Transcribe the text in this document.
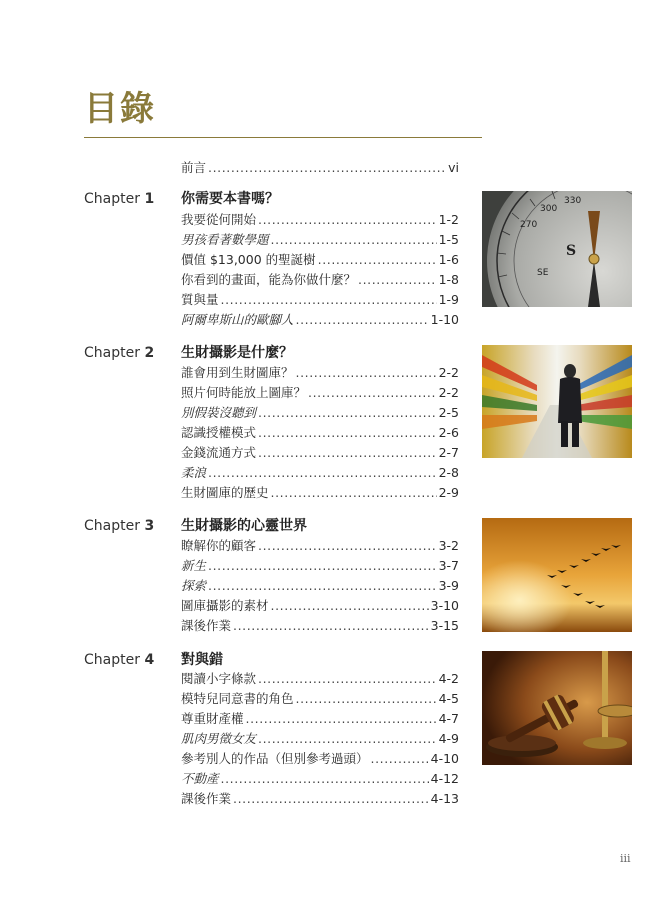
目錄
前言 .....	vi
Chapter 1 你需要本書嗎？
我要從何開始 .....	1-2
男孩看著數學題 .....	1-5
價值 $13,000 的聖誕樹 .....	1-6
你看到的畫面，能為你做什麼？ .....	1-8
質與量 .....	1-9
阿爾卑斯山的歐腳人 .....	1-10
270
300
330
SE
S
Chapter 2 生財攝影是什麼？
誰會用到生財圖庫？ .....	2-2
照片何時能放上圖庫？ .....	2-2
別假裝沒聽到 .....	2-5
認識授權模式 .....	2-6
金錢流通方式 .....	2-7
柔浪 .....	2-8
生財圖庫的歷史 .....	2-9
Chapter 3 生財攝影的心靈世界
瞭解你的顧客 .....	3-2
新生 .....	3-7
探索 .....	3-9
圖庫攝影的素材 .....	3-10
課後作業 .....	3-15
Chapter 4 對與錯
閱讀小字條款 .....	4-2
模特兒同意書的角色 .....	4-5
尊重財產權 .....	4-7
肌肉男徵女友 .....	4-9
參考別人的作品（但別參考過頭） .....	4-10
不動產 .....	4-12
課後作業 .....	4-13
iii
